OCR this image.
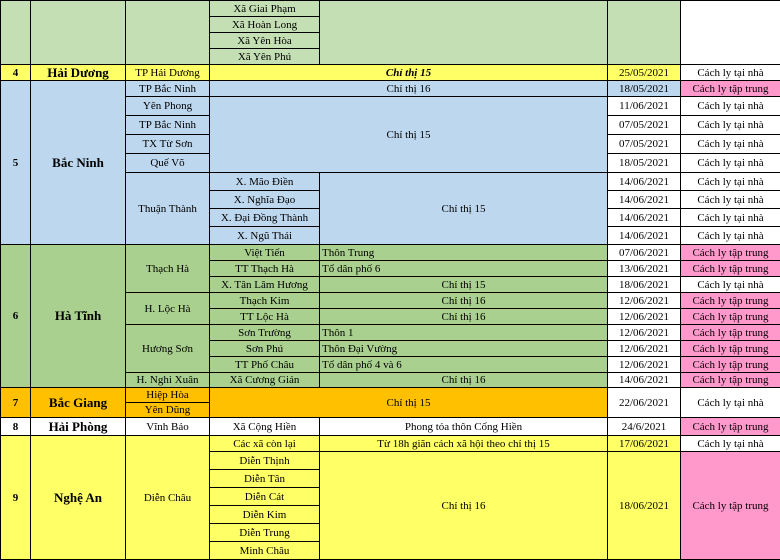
			Xã Giai Phạm			
			Xã Hoàn Long			
			Xã Yên Hòa			
			Xã Yên Phú			
4	Hải Dương	TP Hải Dương	Chỉ thị 15		25/05/2021	Cách ly tại nhà
5	Bắc Ninh	TP Bắc Ninh	Chỉ thị 16		18/05/2021	Cách ly tập trung
		Yên Phong	Chỉ thị 15		11/06/2021	Cách ly tại nhà
		TP Bắc Ninh			07/05/2021	Cách ly tại nhà
		TX Từ Sơn			07/05/2021	Cách ly tại nhà
		Quế Võ			18/05/2021	Cách ly tại nhà
		Thuận Thành	X. Mão Điền	Chỉ thị 15	14/06/2021	Cách ly tại nhà
			X. Nghĩa Đạo		14/06/2021	Cách ly tại nhà
			X. Đại Đồng Thành		14/06/2021	Cách ly tại nhà
			X. Ngũ Thái		14/06/2021	Cách ly tại nhà
6	Hà Tĩnh	Thạch Hà	Việt Tiến	Thôn Trung	07/06/2021	Cách ly tập trung
			TT Thạch Hà	Tổ dân phố 6	13/06/2021	Cách ly tập trung
			X. Tân Lâm Hương	Chỉ thị 15	18/06/2021	Cách ly tại nhà
		H. Lộc Hà	Thạch Kim	Chỉ thị 16	12/06/2021	Cách ly tập trung
			TT Lộc Hà	Chỉ thị 16	12/06/2021	Cách ly tập trung
		Hương Sơn	Sơn Trường	Thôn 1	12/06/2021	Cách ly tập trung
			Sơn Phú	Thôn Đại Vường	12/06/2021	Cách ly tập trung
			TT Phố Châu	Tổ dân phố 4 và 6	12/06/2021	Cách ly tập trung
		H. Nghi Xuân	Xã Cương Gián	Chỉ thị 16	14/06/2021	Cách ly tập trung
7	Bắc Giang	Hiệp Hòa	Chỉ thị 15		22/06/2021	Cách ly tại nhà
		Yên Dũng				
8	Hải Phòng	Vĩnh Bảo	Xã Cộng Hiền	Phong tỏa thôn Cống Hiền	24/6/2021	Cách ly tập trung
9	Nghệ An	Diễn Châu	Các xã còn lại	Từ 18h giãn cách xã hội theo chỉ thị 15	17/06/2021	Cách ly tại nhà
			Diễn Thịnh	Chỉ thị 16	18/06/2021	Cách ly tập trung
			Diễn Tân			
			Diễn Cát			
			Diễn Kim			
			Diễn Trung			
			Minh Châu			
